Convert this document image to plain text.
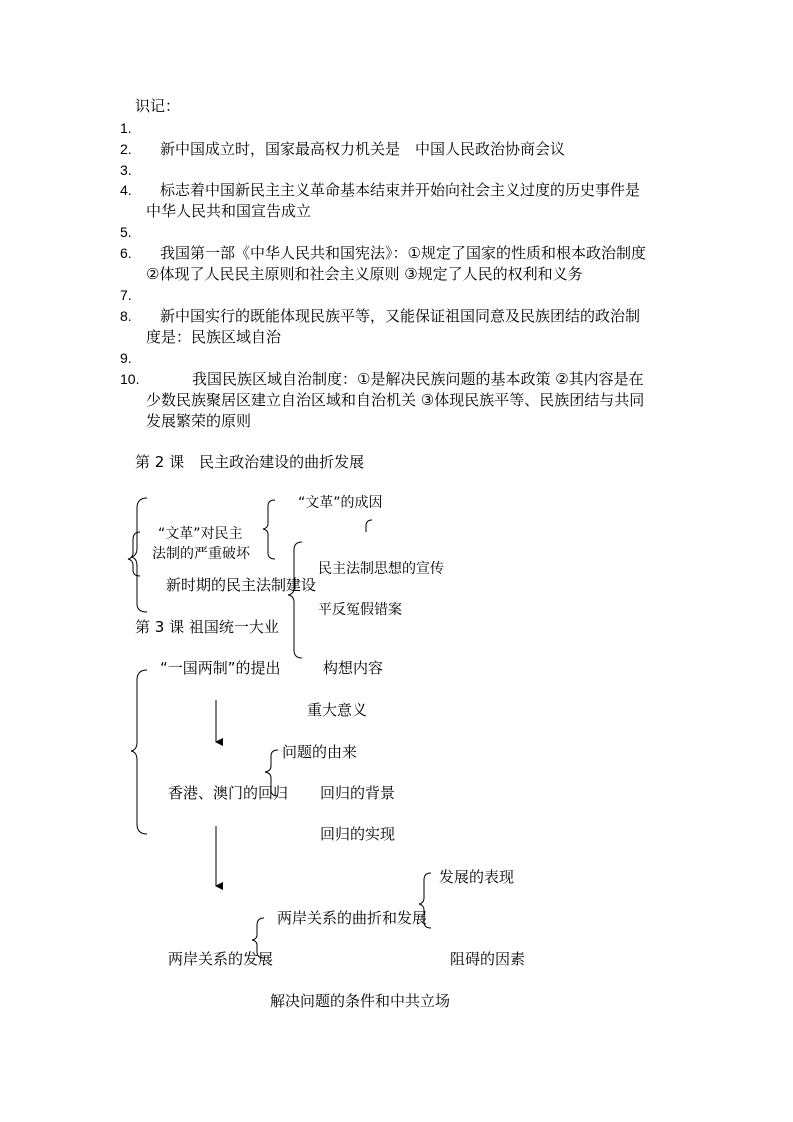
识记：
1.
2. 新中国成立时，国家最高权力机关是　中国人民政治协商会议
3.
4. 标志着中国新民主主义革命基本结束并开始向社会主义过度的历史事件是
中华人民共和国宣告成立
5.
6. 我国第一部《中华人民共和国宪法》：①规定了国家的性质和根本政治制度
②体现了人民民主原则和社会主义原则 ③规定了人民的权利和义务
7.
8. 新中国实行的既能体现民族平等，又能保证祖国同意及民族团结的政治制
度是：民族区域自治
9.
10.	我国民族区域自治制度：①是解决民族问题的基本政策 ②其内容是在
少数民族聚居区建立自治区域和自治机关 ③体现民族平等、民族团结与共同
发展繁荣的原则
第 2 课　民主政治建设的曲折发展
“文革”的成因
“文革”对民主
法制的严重破坏
新时期的民主法制建设
民主法制思想的宣传
平反冤假错案
第 3 课 祖国统一大业
“一国两制”的提出	构想内容
重大意义
问题的由来
香港、澳门的回归 回归的背景
回归的实现
发展的表现
两岸关系的曲折和发展
两岸关系的发展	阻碍的因素
解决问题的条件和中共立场
